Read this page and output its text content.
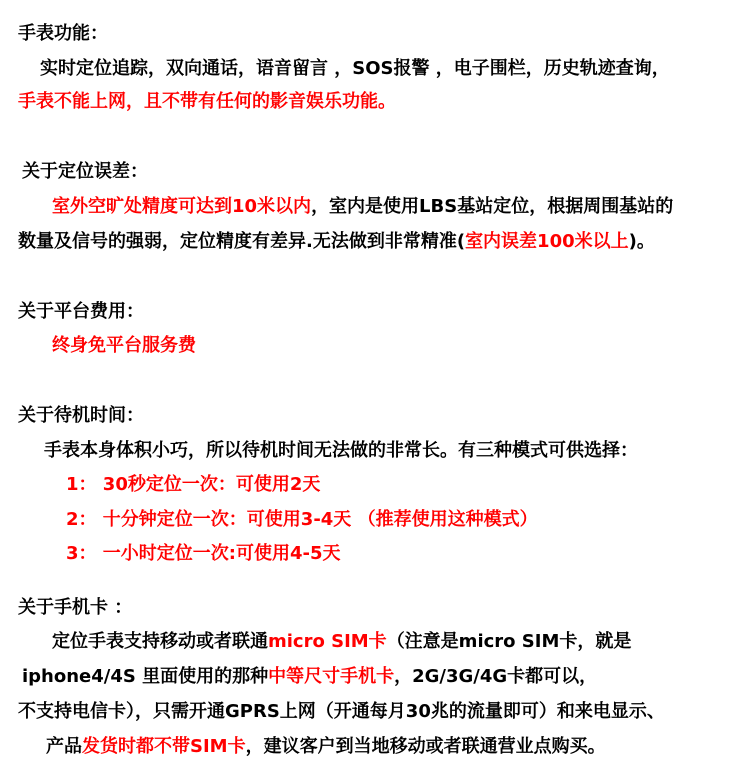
手表功能：
实时定位追踪，双向通话，语音留言 ，SOS报警 ，电子围栏，历史轨迹查询，
手表不能上网，且不带有任何的影音娱乐功能。
关于定位误差：
室外空旷处精度可达到10米以内，室内是使用LBS基站定位，根据周围基站的
数量及信号的强弱，定位精度有差异.无法做到非常精准(室内误差100米以上)。
关于平台费用：
终身免平台服务费
关于待机时间：
手表本身体积小巧，所以待机时间无法做的非常长。有三种模式可供选择：
1： 30秒定位一次：可使用2天
2： 十分钟定位一次：可使用3-4天 （推荐使用这种模式）
3： 一小时定位一次:可使用4-5天
关于手机卡 ：
定位手表支持移动或者联通micro SIM卡（注意是micro SIM卡，就是
iphone4/4S 里面使用的那种中等尺寸手机卡，2G/3G/4G卡都可以，
不支持电信卡），只需开通GPRS上网（开通每月30兆的流量即可）和来电显示、
产品发货时都不带SIM卡，建议客户到当地移动或者联通营业点购买。
